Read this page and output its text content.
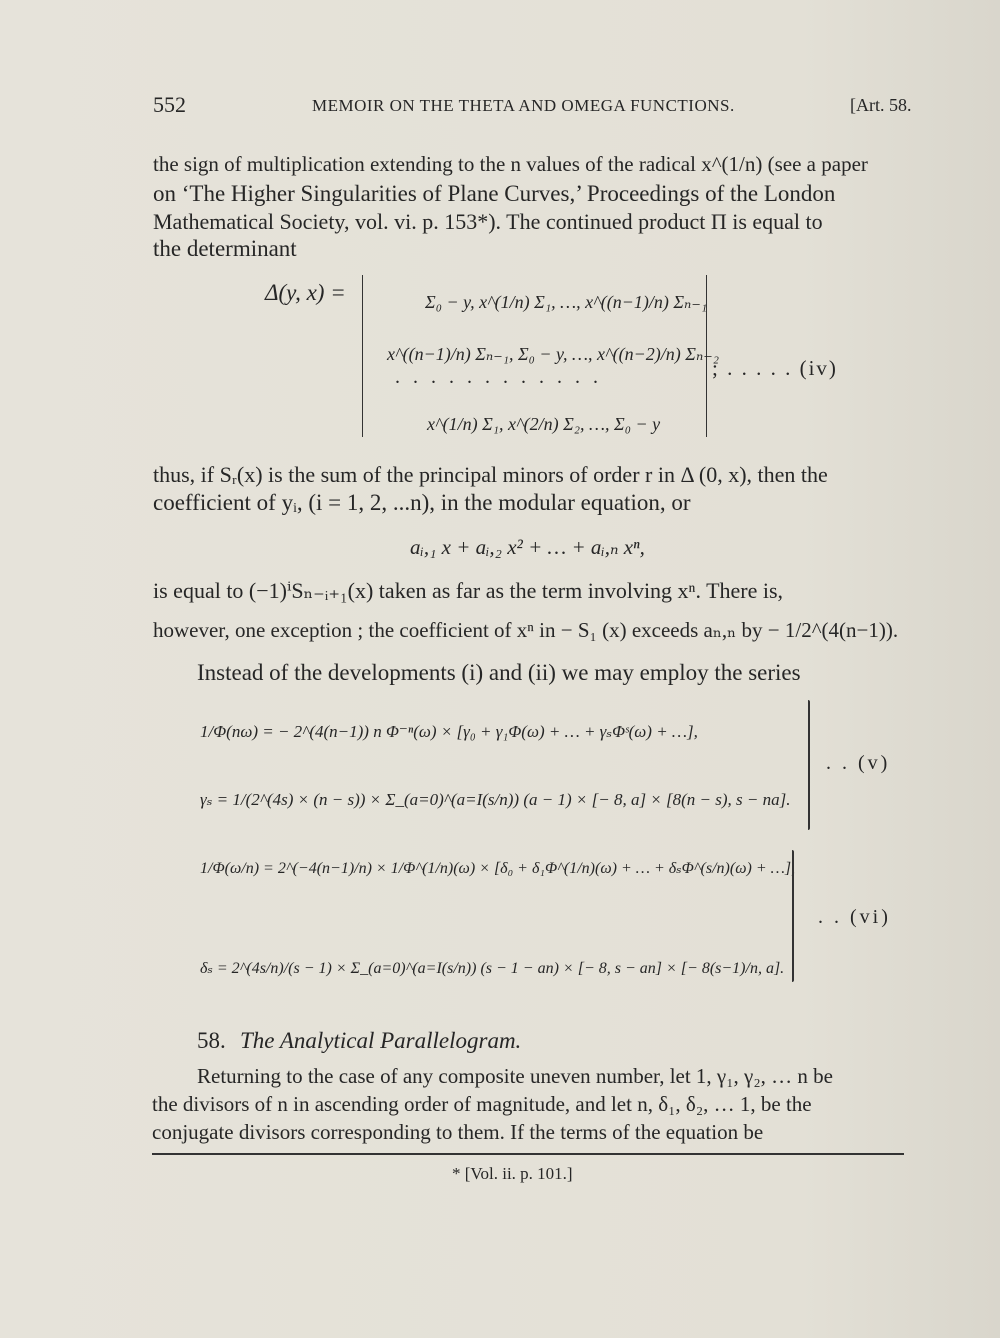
552	MEMOIR ON THE THETA AND OMEGA FUNCTIONS.	[Art. 58.
the sign of multiplication extending to the n values of the radical x^(1/n) (see a paper
on ‘The Higher Singularities of Plane Curves,’ Proceedings of the London
Mathematical Society, vol. vi. p. 153*). The continued product Π is equal to
the determinant
Δ(y, x) =	Σ₀ − y, x^(1/n) Σ₁, …, x^((n−1)/n) Σₙ₋₁
x^((n−1)/n) Σₙ₋₁, Σ₀ − y, …, x^((n−2)/n) Σₙ₋₂
. . . . . . . . . . . .
x^(1/n) Σ₁, x^(2/n) Σ₂, …, Σ₀ − y
; . . . . . (iv)
thus, if Sᵣ(x) is the sum of the principal minors of order r in Δ (0, x), then the
coefficient of yᵢ, (i = 1, 2, ...n), in the modular equation, or
aᵢ,₁ x + aᵢ,₂ x² + … + aᵢ,ₙ xⁿ,
is equal to (−1)ⁱSₙ₋ᵢ₊₁(x) taken as far as the term involving xⁿ. There is,
however, one exception ; the coefficient of xⁿ in − S₁ (x) exceeds aₙ,ₙ by − 1/2^(4(n−1)).
Instead of the developments (i) and (ii) we may employ the series
1/Φ(nω) = − 2^(4(n−1)) n Φ⁻ⁿ(ω) × [γ₀ + γ₁Φ(ω) + … + γₛΦˢ(ω) + …],
γₛ = 1/(2^(4s) × (n − s)) × Σ_(a=0)^(a=I(s/n)) (a − 1) × [− 8, a] × [8(n − s), s − na].
. . (v)
1/Φ(ω/n) = 2^(−4(n−1)/n) × 1/Φ^(1/n)(ω) × [δ₀ + δ₁Φ^(1/n)(ω) + … + δₛΦ^(s/n)(ω) + …],
δₛ = 2^(4s/n)/(s − 1) × Σ_(a=0)^(a=I(s/n)) (s − 1 − an) × [− 8, s − an] × [− 8(s−1)/n, a].
. . (vi)
58. The Analytical Parallelogram.
Returning to the case of any composite uneven number, let 1, γ₁, γ₂, … n be
the divisors of n in ascending order of magnitude, and let n, δ₁, δ₂, … 1, be the
conjugate divisors corresponding to them. If the terms of the equation be
* [Vol. ii. p. 101.]
